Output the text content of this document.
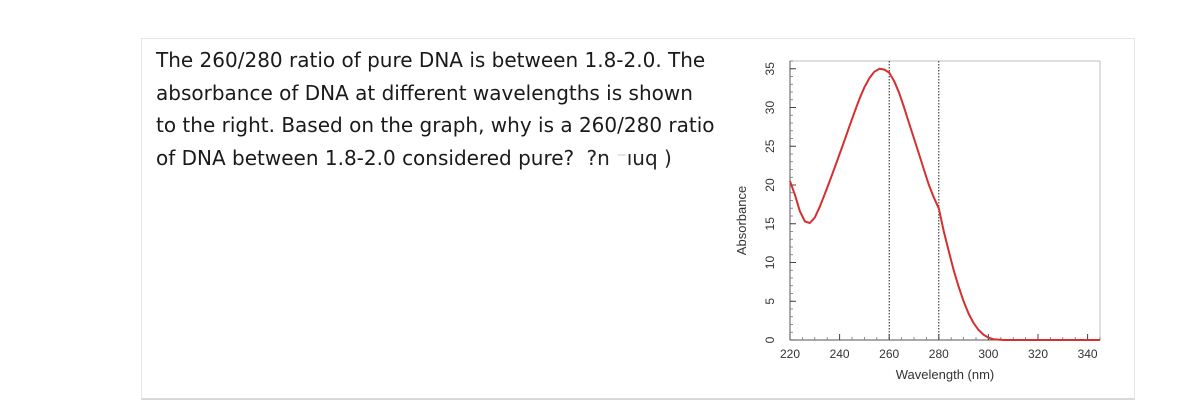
The 260/280 ratio of pure DNA is between 1.8-2.0. The absorbance of DNA at different wavelengths is shown to the right. Based on the graph, why is a 260/280 ratio of DNA between 1.8-2.0 considered pure? ?n ⁻ıuq )

220 240 260 280 300 320 340
0
5
10
15
20
25
30
35
Wavelength (nm)
Absorbance
